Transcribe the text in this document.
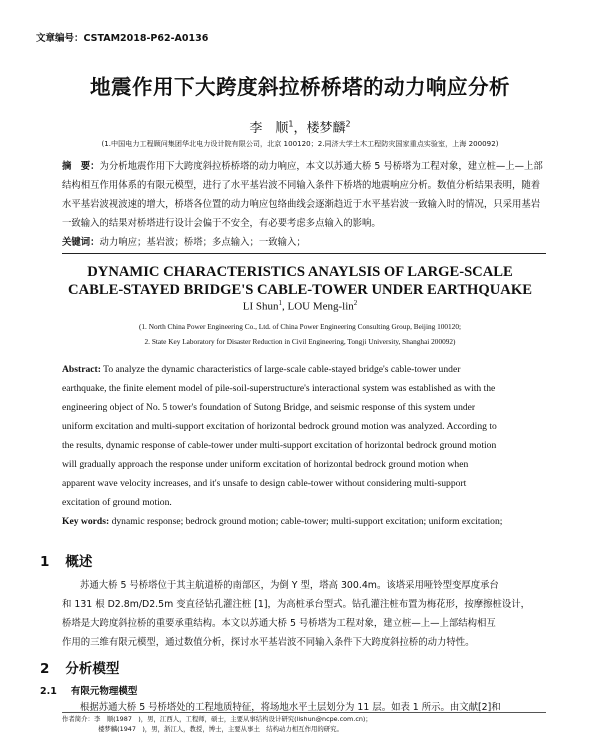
文章编号：CSTAM2018-P62-A0136
地震作用下大跨度斜拉桥桥塔的动力响应分析
李　顺$^1$，楼梦麟$^2$
(1.中国电力工程顾问集团华北电力设计院有限公司，北京 100120；2.同济大学土木工程防灾国家重点实验室，上海 200092)
摘　要：为分析地震作用下大跨度斜拉桥桥塔的动力响应，本文以苏通大桥 5 号桥塔为工程对象，建立桩—上—上部
结构相互作用体系的有限元模型，进行了水平基岩波不同输入条件下桥塔的地震响应分析。数值分析结果表明，随着
水平基岩波视波速的增大，桥塔各位置的动力响应包络曲线会逐渐趋近于水平基岩波一致输入时的情况，只采用基岩
一致输入的结果对桥塔进行设计会偏于不安全，有必要考虑多点输入的影响。
关键词：动力响应；基岩波；桥塔；多点输入；一致输入；
DYNAMIC CHARACTERISTICS ANAYLSIS OF LARGE-SCALE
CABLE-STAYED BRIDGE'S CABLE-TOWER UNDER EARTHQUAKE
LI Shun$^1$, LOU Meng-lin$^2$
(1. North China Power Engineering Co., Ltd. of China Power Engineering Consulting Group, Beijing 100120;
2. State Key Laboratory for Disaster Reduction in Civil Engineering, Tongji University, Shanghai 200092)
Abstract: To analyze the dynamic characteristics of large-scale cable-stayed bridge's cable-tower under
earthquake, the finite element model of pile-soil-superstructure's interactional system was established as with the
engineering object of No. 5 tower's foundation of Sutong Bridge, and seismic response of this system under
uniform excitation and multi-support excitation of horizontal bedrock ground motion was analyzed. According to
the results, dynamic response of cable-tower under multi-support excitation of horizontal bedrock ground motion
will gradually approach the response under uniform excitation of horizontal bedrock ground motion when
apparent wave velocity increases, and it's unsafe to design cable-tower without considering multi-support
excitation of ground motion.
Key words: dynamic response; bedrock ground motion; cable-tower; multi-support excitation; uniform excitation;
1 概述
苏通大桥 5 号桥塔位于其主航道桥的南部区，为倒 Y 型，塔高 300.4m。该塔采用哑铃型变厚度承台
和 131 根 D2.8m/D2.5m 变直径钻孔灌注桩 [1]，为高桩承台型式。钻孔灌注桩布置为梅花形，按摩擦桩设计，
桥塔是大跨度斜拉桥的重要承重结构。本文以苏通大桥 5 号桥塔为工程对象，建立桩—上—上部结构相互
作用的三维有限元模型，通过数值分析，探讨水平基岩波不同输入条件下大跨度斜拉桥的动力特性。
2 分析模型
2.1 有限元物理模型
根据苏通大桥 5 号桥塔处的工程地质特征，将场地水平土层划分为 11 层。如表 1 所示。由文献[2]和
作者简介：李　顺(1987　)，男，江西人，工程师，硕士，主要从事结构设计研究(lishun@ncpe.com.cn)；
楼梦麟(1947　)，男，浙江人，教授，博士，主要从事土　结构动力相互作用的研究。
